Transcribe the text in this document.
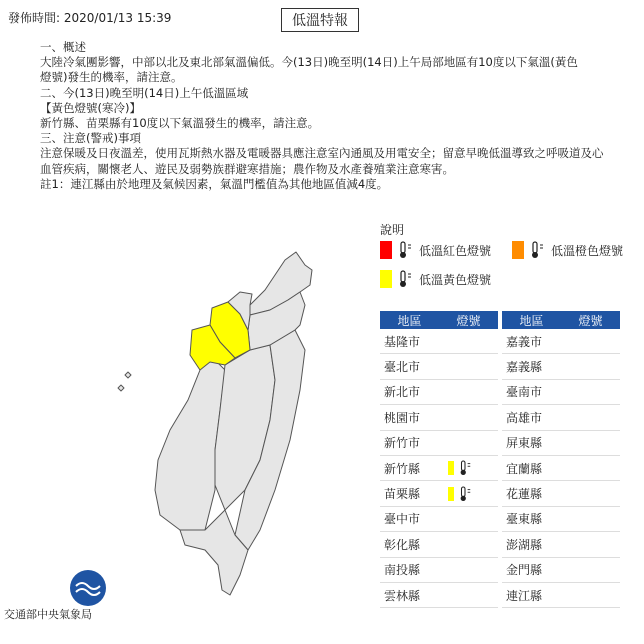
發佈時間: 2020/01/13 15:39	低溫特報

一、概述

大陸冷氣團影響，中部以北及東北部氣溫偏低。今(13日)晚至明(14日)上午局部地區有10度以下氣溫(黃色

燈號)發生的機率，請注意。

二、今(13日)晚至明(14日)上午低溫區域

【黃色燈號(寒冷)】

新竹縣、苗栗縣有10度以下氣溫發生的機率，請注意。

三、注意(警戒)事項

注意保暖及日夜溫差，使用瓦斯熱水器及電暖器具應注意室內通風及用電安全；留意早晚低溫導致之呼吸道及心

血管疾病，關懷老人、遊民及弱勢族群避寒措施；農作物及水產養殖業注意寒害。

註1：連江縣由於地理及氣候因素，氣溫門檻值為其他地區值減4度。

說明
低溫紅色燈號	低溫橙色燈號
低溫黃色燈號
地區	燈號
基隆市
臺北市
新北市
桃園市
新竹市
新竹縣
苗栗縣
臺中市
彰化縣
南投縣
雲林縣
地區	燈號
嘉義市
嘉義縣
臺南市
高雄市
屏東縣
宜蘭縣
花蓮縣
臺東縣
澎湖縣
金門縣
連江縣
交通部中央氣象局
